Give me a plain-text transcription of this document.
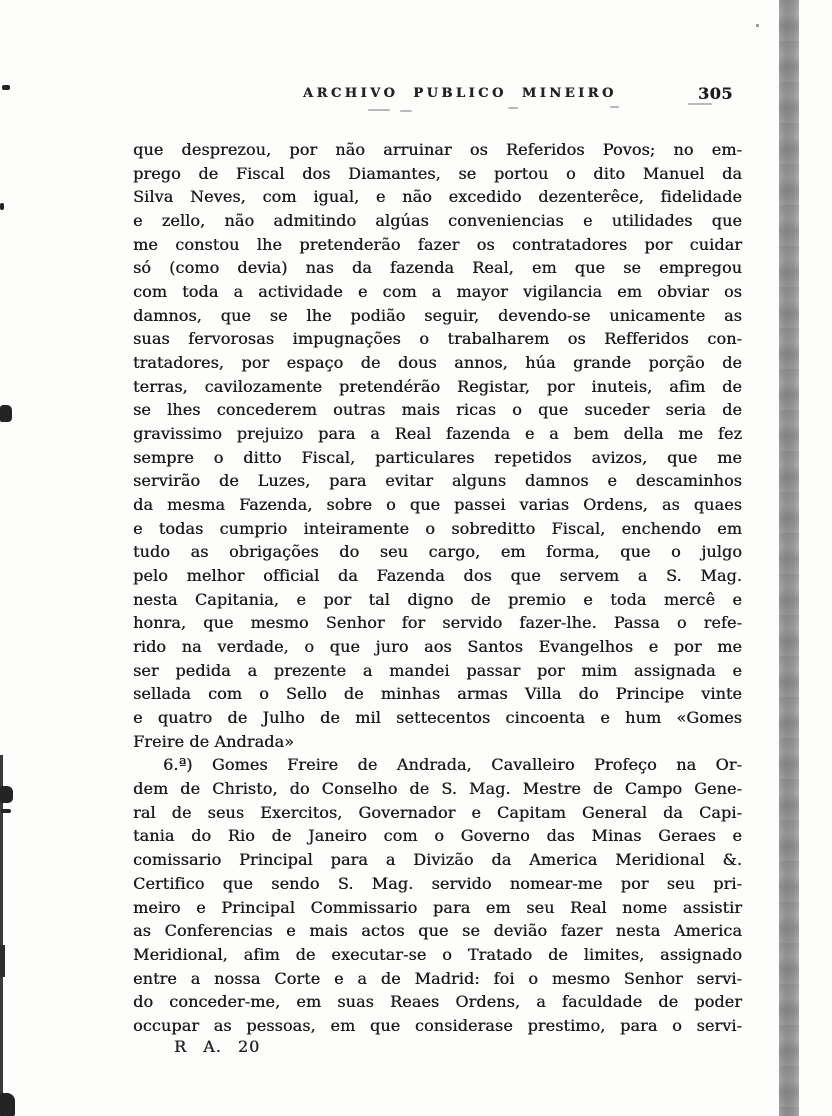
ARCHIVO PUBLICO MINEIRO	305
que desprezou, por não arruinar os Referidos Povos; no em-
prego de Fiscal dos Diamantes, se portou o dito Manuel da
Silva Neves, com igual, e não excedido dezenterêce, fidelidade
e zello, não admitindo algúas conveniencias e utilidades que
me constou lhe pretenderão fazer os contratadores por cuidar
só (como devia) nas da fazenda Real, em que se empregou
com toda a actividade e com a mayor vigilancia em obviar os
damnos, que se lhe podião seguir, devendo-se unicamente as
suas fervorosas impugnações o trabalharem os Refferidos con-
tratadores, por espaço de dous annos, húa grande porção de
terras, cavilozamente pretendérão Registar, por inuteis, afim de
se lhes concederem outras mais ricas o que suceder seria de
gravissimo prejuizo para a Real fazenda e a bem della me fez
sempre o ditto Fiscal, particulares repetidos avizos, que me
servirão de Luzes, para evitar alguns damnos e descaminhos
da mesma Fazenda, sobre o que passei varias Ordens, as quaes
e todas cumprio inteiramente o sobreditto Fiscal, enchendo em
tudo as obrigações do seu cargo, em forma, que o julgo
pelo melhor official da Fazenda dos que servem a S. Mag.
nesta Capitania, e por tal digno de premio e toda mercê e
honra, que mesmo Senhor for servido fazer-lhe. Passa o refe-
rido na verdade, o que juro aos Santos Evangelhos e por me
ser pedida a prezente a mandei passar por mim assignada e
sellada com o Sello de minhas armas Villa do Principe vinte
e quatro de Julho de mil settecentos cincoenta e hum «Gomes
Freire de Andrada»
6.ª) Gomes Freire de Andrada, Cavalleiro Profeço na Or-
dem de Christo, do Conselho de S. Mag. Mestre de Campo Gene-
ral de seus Exercitos, Governador e Capitam General da Capi-
tania do Rio de Janeiro com o Governo das Minas Geraes e
comissario Principal para a Divizão da America Meridional &.
Certifico que sendo S. Mag. servido nomear-me por seu pri-
meiro e Principal Commissario para em seu Real nome assistir
as Conferencias e mais actos que se devião fazer nesta America
Meridional, afim de executar-se o Tratado de limites, assignado
entre a nossa Corte e a de Madrid: foi o mesmo Senhor servi-
do conceder-me, em suas Reaes Ordens, a faculdade de poder
occupar as pessoas, em que considerase prestimo, para o servi-
R A. 20
